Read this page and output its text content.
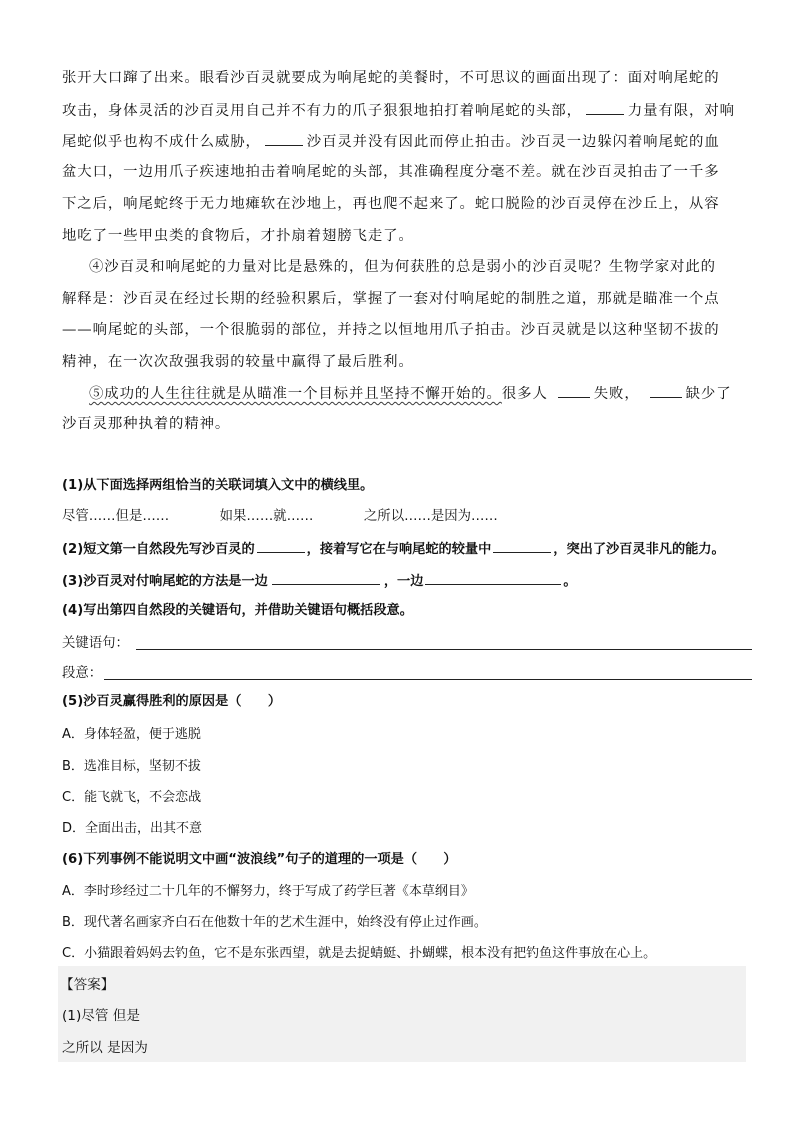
张开大口蹿了出来。眼看沙百灵就要成为响尾蛇的美餐时，不可思议的画面出现了：面对响尾蛇的
攻击，身体灵活的沙百灵用自己并不有力的爪子狠狠地拍打着响尾蛇的头部，	力量有限，对响
尾蛇似乎也构不成什么威胁，	沙百灵并没有因此而停止拍击。沙百灵一边躲闪着响尾蛇的血
盆大口，一边用爪子疾速地拍击着响尾蛇的头部，其准确程度分毫不差。就在沙百灵拍击了一千多
下之后，响尾蛇终于无力地瘫软在沙地上，再也爬不起来了。蛇口脱险的沙百灵停在沙丘上，从容
地吃了一些甲虫类的食物后，才扑扇着翅膀飞走了。
④沙百灵和响尾蛇的力量对比是悬殊的，但为何获胜的总是弱小的沙百灵呢？生物学家对此的
解释是：沙百灵在经过长期的经验积累后，掌握了一套对付响尾蛇的制胜之道，那就是瞄准一个点
——响尾蛇的头部，一个很脆弱的部位，并持之以恒地用爪子拍击。沙百灵就是以这种坚韧不拔的
精神，在一次次敌强我弱的较量中赢得了最后胜利。
⑤成功的人生往往就是从瞄准一个目标并且坚持不懈开始的。很多人	失败，	缺少了
沙百灵那种执着的精神。
(1)从下面选择两组恰当的关联词填入文中的横线里。
尽管……但是……	如果……就……	之所以……是因为……
(2)短文第一自然段先写沙百灵的	，接着写它在与响尾蛇的较量中	，突出了沙百灵非凡的能力。
(3)沙百灵对付响尾蛇的方法是一边	，一边	。
(4)写出第四自然段的关键语句，并借助关键语句概括段意。
关键语句：
段意：
(5)沙百灵赢得胜利的原因是（　　）
A．身体轻盈，便于逃脱
B．选准目标，坚韧不拔
C．能飞就飞，不会恋战
D．全面出击，出其不意
(6)下列事例不能说明文中画“波浪线”句子的道理的一项是（　　）
A．李时珍经过二十几年的不懈努力，终于写成了药学巨著《本草纲目》
B．现代著名画家齐白石在他数十年的艺术生涯中，始终没有停止过作画。
C．小猫跟着妈妈去钓鱼，它不是东张西望，就是去捉蜻蜓、扑蝴蝶，根本没有把钓鱼这件事放在心上。
【答案】
(1)尽管 但是
之所以 是因为
